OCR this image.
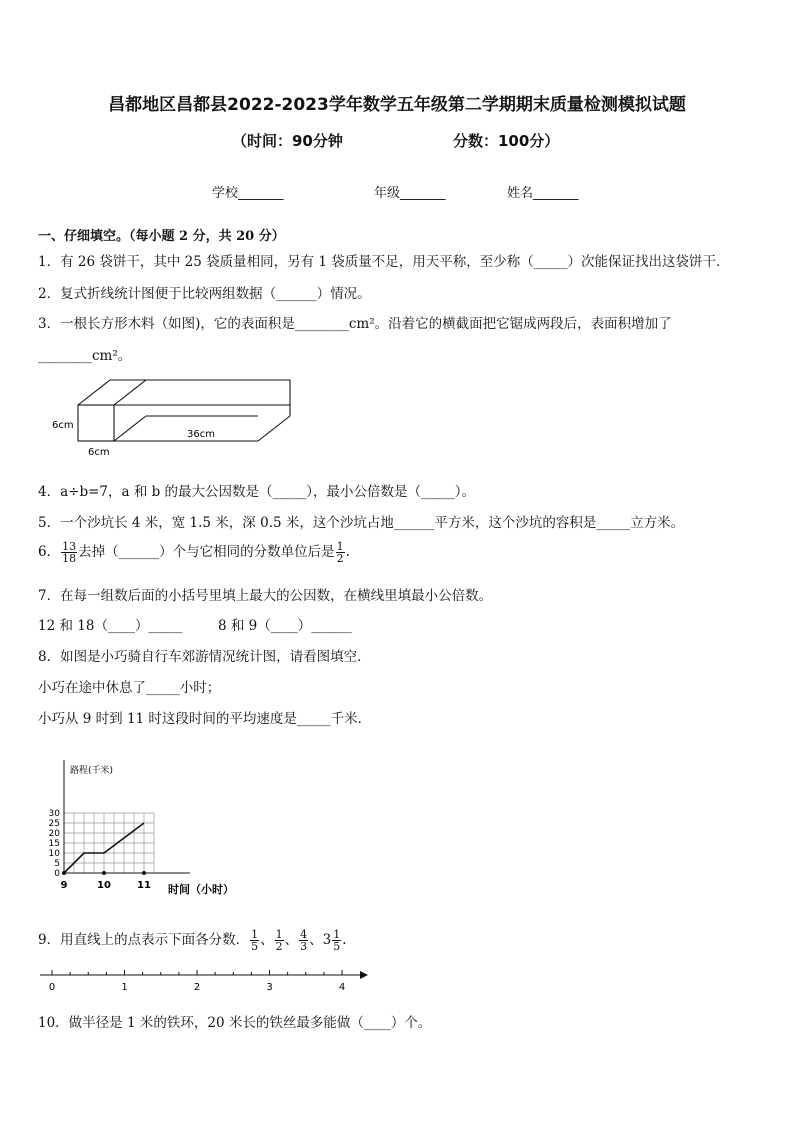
昌都地区昌都县2022-2023学年数学五年级第二学期期末质量检测模拟试题
（时间：90分钟	分数：100分）
学校_______	年级_______	姓名_______
一、仔细填空。（每小题 2 分，共 20 分）
1．有 26 袋饼干，其中 25 袋质量相同，另有 1 袋质量不足，用天平称，至少称（_____）次能保证找出这袋饼干．
2．复式折线统计图便于比较两组数据（______）情况。
3．一根长方形木料（如图)，它的表面积是________cm²。沿着它的横截面把它锯成两段后，表面积增加了
________cm²。
6cm
6cm
36cm
4．a÷b=7，a 和 b 的最大公因数是（_____），最小公倍数是（_____）。
5．一个沙坑长 4 米，宽 1.5 米，深 0.5 米，这个沙坑占地______平方米，这个沙坑的容积是_____立方米。
6． $\frac{13}{18}$ 去掉（______）个与它相同的分数单位后是 $\frac{1}{2}$ .
7．在每一组数后面的小括号里填上最大的公因数，在横线里填最小公倍数。
12 和 18（____）_____	8 和 9（____）______
8．如图是小巧骑自行车郊游情况统计图，请看图填空．
小巧在途中休息了_____小时；
小巧从 9 时到 11 时这段时间的平均速度是_____千米．
0
5
10
15
20
25
30
9	10	11
路程(千米)
时间（小时）
9．用直线上的点表示下面各分数． $\frac{1}{5}$ 、 $\frac{1}{2}$ 、 $\frac{4}{3}$ 、$3 \frac{1}{5}$ .
0	1	2	3	4
10．做半径是 1 米的铁环，20 米长的铁丝最多能做（____）个。
